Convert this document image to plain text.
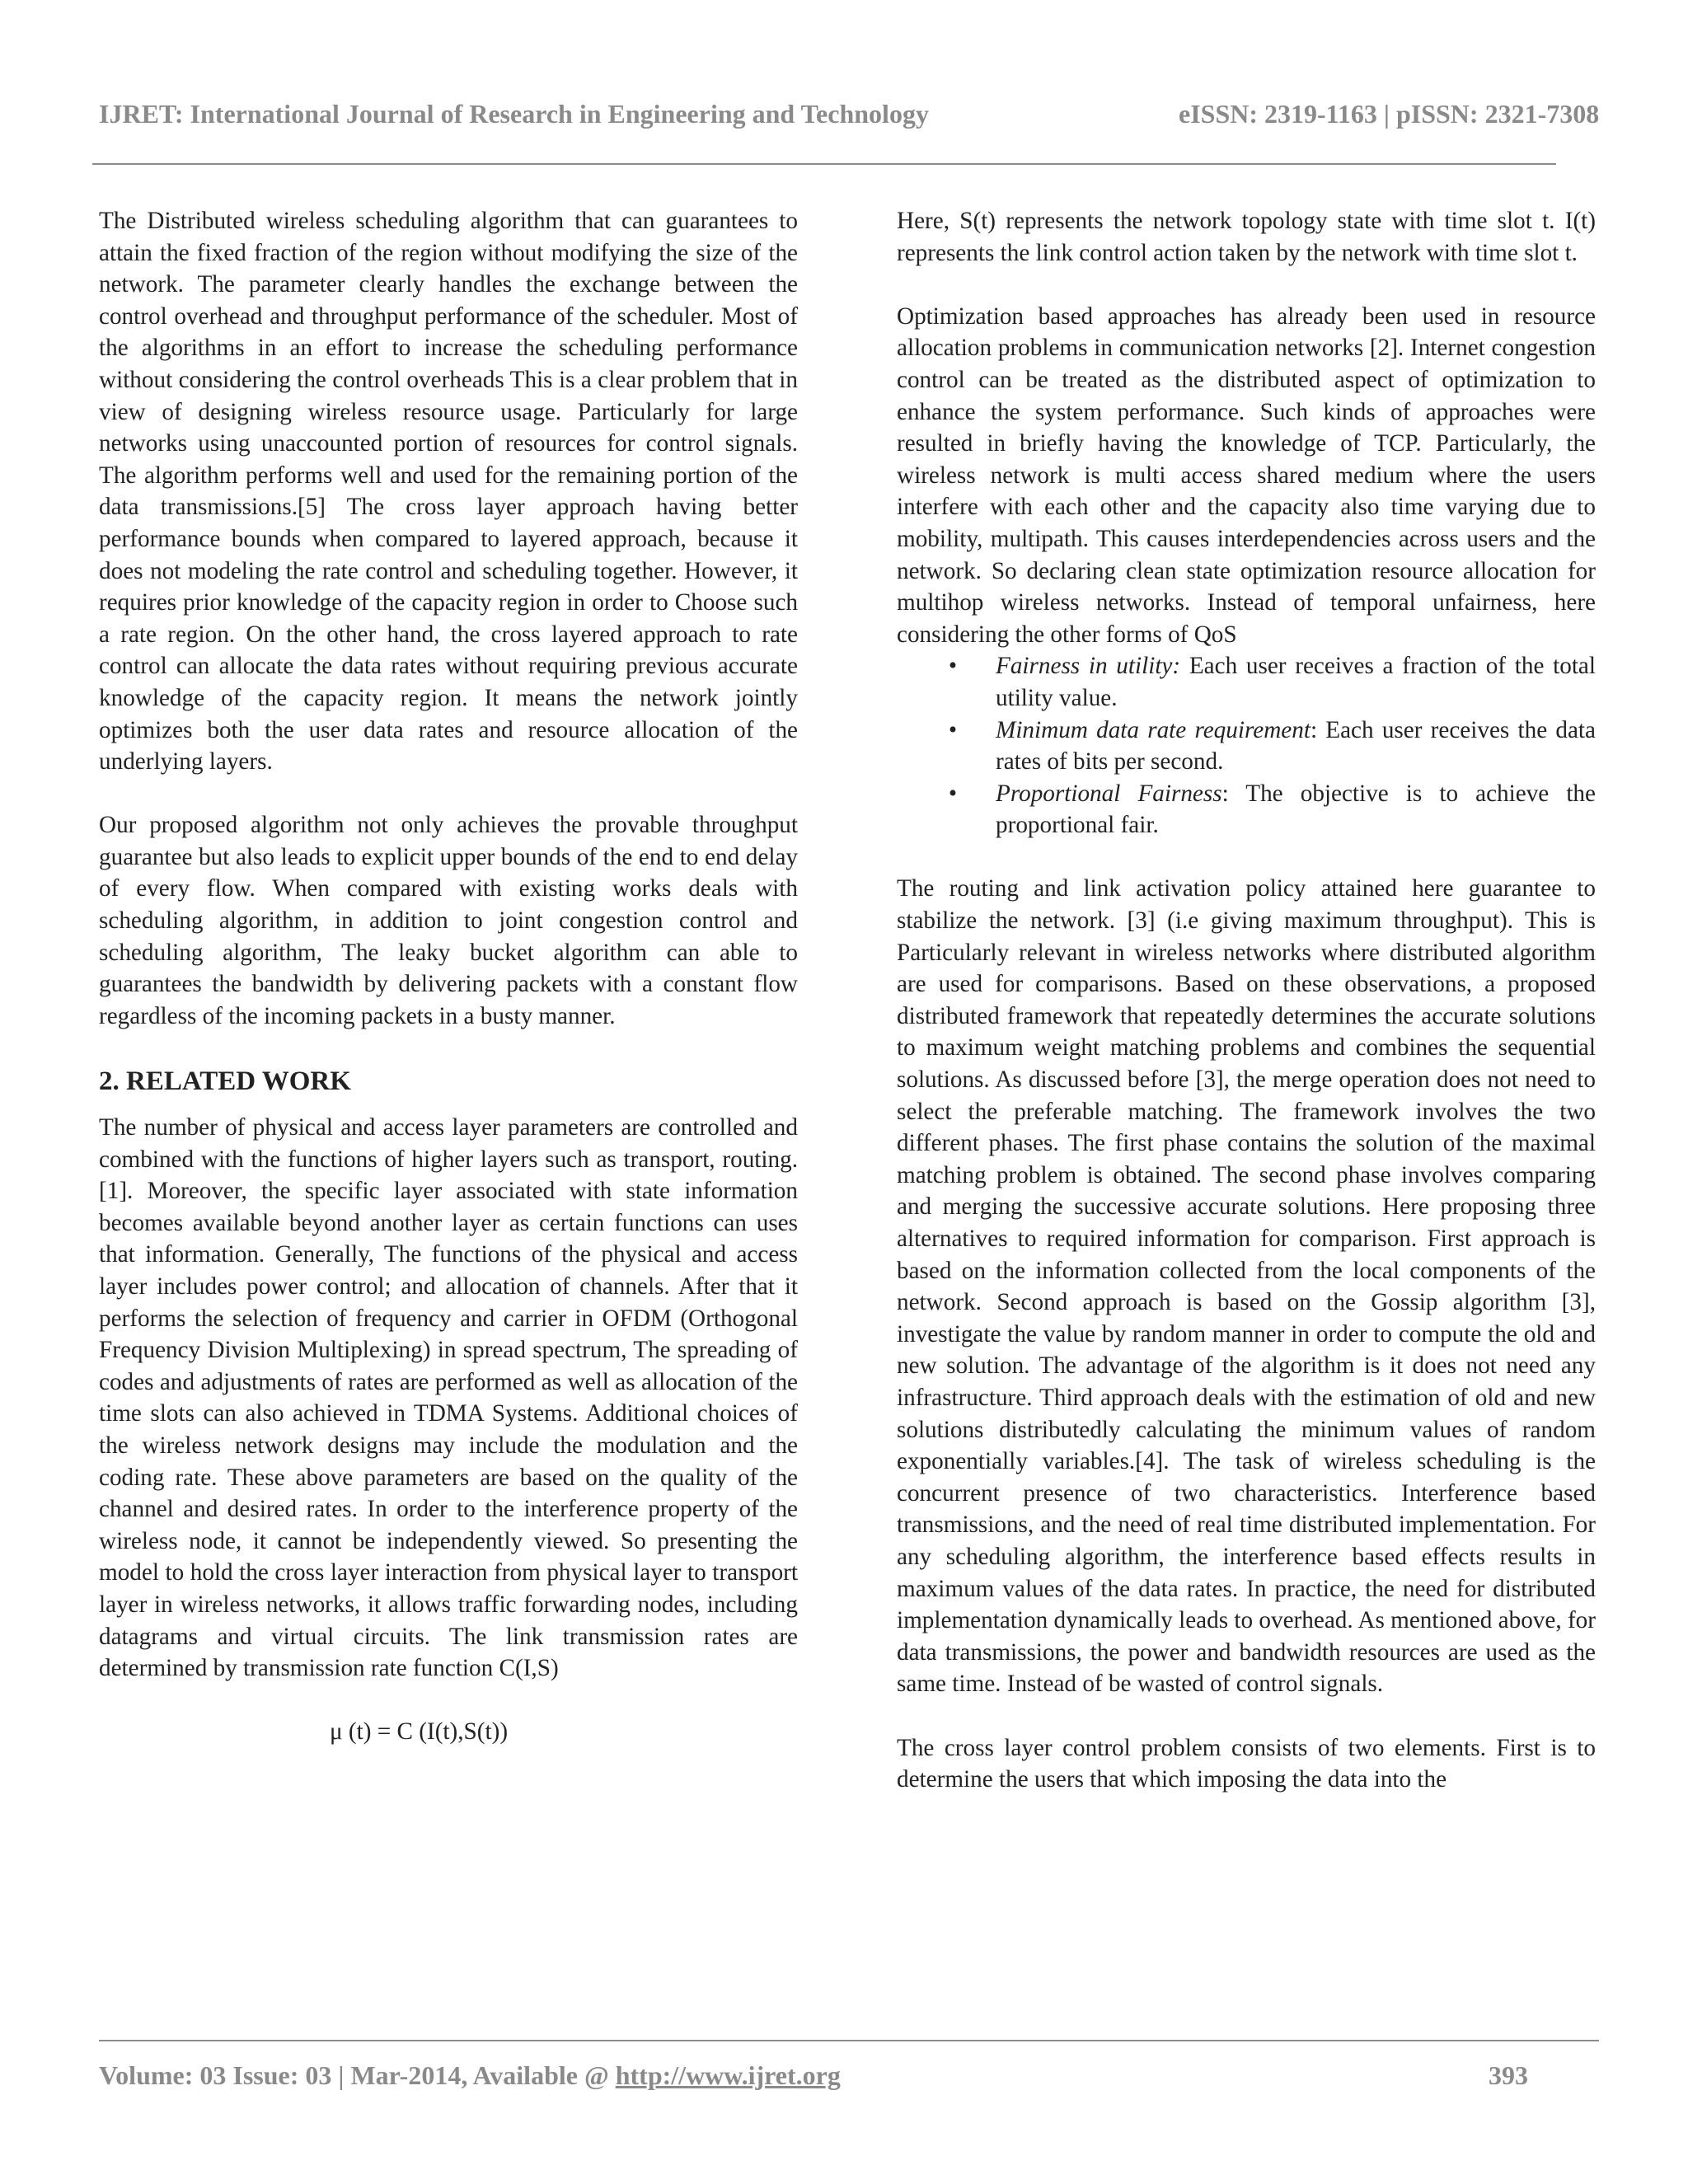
IJRET: International Journal of Research in Engineering and Technology	eISSN: 2319-1163 | pISSN: 2321-7308

The Distributed wireless scheduling algorithm that can guarantees to attain the fixed fraction of the region without modifying the size of the network. The parameter clearly handles the exchange between the control overhead and throughput performance of the scheduler. Most of the algorithms in an effort to increase the scheduling performance without considering the control overheads This is a clear problem that in view of designing wireless resource usage. Particularly for large networks using unaccounted portion of resources for control signals. The algorithm performs well and used for the remaining portion of the data transmissions.[5] The cross layer approach having better performance bounds when compared to layered approach, because it does not modeling the rate control and scheduling together. However, it requires prior knowledge of the capacity region in order to Choose such a rate region. On the other hand, the cross layered approach to rate control can allocate the data rates without requiring previous accurate knowledge of the capacity region. It means the network jointly optimizes both the user data rates and resource allocation of the underlying layers.

Our proposed algorithm not only achieves the provable throughput guarantee but also leads to explicit upper bounds of the end to end delay of every flow. When compared with existing works deals with scheduling algorithm, in addition to joint congestion control and scheduling algorithm, The leaky bucket algorithm can able to guarantees the bandwidth by delivering packets with a constant flow regardless of the incoming packets in a busty manner.

2. RELATED WORK

The number of physical and access layer parameters are controlled and combined with the functions of higher layers such as transport, routing.[1]. Moreover, the specific layer associated with state information becomes available beyond another layer as certain functions can uses that information. Generally, The functions of the physical and access layer includes power control; and allocation of channels. After that it performs the selection of frequency and carrier in OFDM (Orthogonal Frequency Division Multiplexing) in spread spectrum, The spreading of codes and adjustments of rates are performed as well as allocation of the time slots can also achieved in TDMA Systems. Additional choices of the wireless network designs may include the modulation and the coding rate. These above parameters are based on the quality of the channel and desired rates. In order to the interference property of the wireless node, it cannot be independently viewed. So presenting the model to hold the cross layer interaction from physical layer to transport layer in wireless networks, it allows traffic forwarding nodes, including datagrams and virtual circuits. The link transmission rates are determined by transmission rate function C(I,S)

μ (t) = C (I(t),S(t))

Here, S(t) represents the network topology state with time slot t. I(t) represents the link control action taken by the network with time slot t.

Optimization based approaches has already been used in resource allocation problems in communication networks [2]. Internet congestion control can be treated as the distributed aspect of optimization to enhance the system performance. Such kinds of approaches were resulted in briefly having the knowledge of TCP. Particularly, the wireless network is multi access shared medium where the users interfere with each other and the capacity also time varying due to mobility, multipath. This causes interdependencies across users and the network. So declaring clean state optimization resource allocation for multihop wireless networks. Instead of temporal unfairness, here considering the other forms of QoS

• Fairness in utility: Each user receives a fraction of the total utility value.
• Minimum data rate requirement: Each user receives the data rates of bits per second.
• Proportional Fairness: The objective is to achieve the proportional fair.

The routing and link activation policy attained here guarantee to stabilize the network. [3] (i.e giving maximum throughput). This is Particularly relevant in wireless networks where distributed algorithm are used for comparisons. Based on these observations, a proposed distributed framework that repeatedly determines the accurate solutions to maximum weight matching problems and combines the sequential solutions. As discussed before [3], the merge operation does not need to select the preferable matching. The framework involves the two different phases. The first phase contains the solution of the maximal matching problem is obtained. The second phase involves comparing and merging the successive accurate solutions. Here proposing three alternatives to required information for comparison. First approach is based on the information collected from the local components of the network. Second approach is based on the Gossip algorithm [3], investigate the value by random manner in order to compute the old and new solution. The advantage of the algorithm is it does not need any infrastructure. Third approach deals with the estimation of old and new solutions distributedly calculating the minimum values of random exponentially variables.[4]. The task of wireless scheduling is the concurrent presence of two characteristics. Interference based transmissions, and the need of real time distributed implementation. For any scheduling algorithm, the interference based effects results in maximum values of the data rates. In practice, the need for distributed implementation dynamically leads to overhead. As mentioned above, for data transmissions, the power and bandwidth resources are used as the same time. Instead of be wasted of control signals.

The cross layer control problem consists of two elements. First is to determine the users that which imposing the data into the

Volume: 03 Issue: 03 | Mar-2014, Available @ http://www.ijret.org	393
